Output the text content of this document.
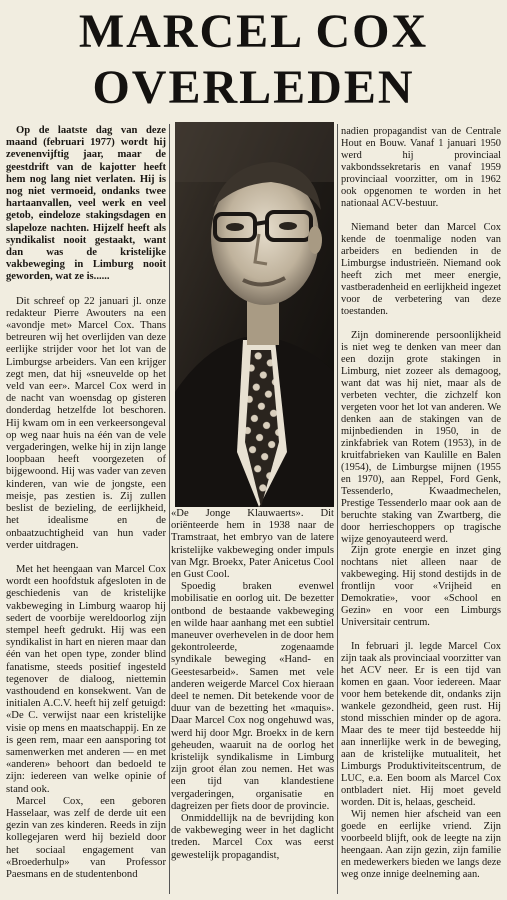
MARCEL COX
OVERLEDEN

Op de laatste dag van deze maand (februari 1977) wordt hij zevenenvijftig jaar, maar de geestdrift van de kajotter heeft hem nog lang niet verlaten. Hij is nog niet vermoeid, ondanks twee hartaanvallen, veel werk en veel getob, eindeloze stakingsdagen en slapeloze nachten. Hijzelf heeft als syndikalist nooit gestaakt, want dan was de kristelijke vakbeweging in Limburg nooit geworden, wat ze is......

Dit schreef op 22 januari jl. onze redakteur Pierre Awouters na een «avondje met» Marcel Cox. Thans betreuren wij het overlijden van deze eerlijke strijder voor het lot van de Limburgse arbeiders. Van een krijger zegt men, dat hij «sneuvelde op het veld van eer». Marcel Cox werd in de nacht van woensdag op gisteren donderdag hetzelfde lot beschoren. Hij kwam om in een verkeersongeval op weg naar huis na één van de vele vergaderingen, welke hij in zijn lange loopbaan heeft voorgezeten of bijgewoond. Hij was vader van zeven kinderen, van wie de jongste, een meisje, pas zestien is. Zij zullen beslist de bezieling, de eerlijkheid, het idealisme en de onbaatzuchtigheid van hun vader verder uitdragen.

Met het heengaan van Marcel Cox wordt een hoofdstuk afgesloten in de geschiedenis van de kristelijke vakbeweging in Limburg waarop hij sedert de voorbije wereldoorlog zijn stempel heeft gedrukt. Hij was een syndikalist in hart en nieren maar dan één van het open type, zonder blind fanatisme, steeds positief ingesteld tegenover de dialoog, niettemin vasthoudend en konsekwent. Van de initialen A.C.V. heeft hij zelf getuigd: «De C. verwijst naar een kristelijke visie op mens en maatschappij. En ze is geen rem, maar een aansporing tot samenwerken met anderen — en met «anderen» behoort dan bedoeld te zijn: iedereen van welke opinie of stand ook.

Marcel Cox, een geboren Hasselaar, was zelf de derde uit een gezin van zes kinderen. Reeds in zijn kollegejaren werd hij bezield door het sociaal engagement van «Broederhulp» van Professor Paesmans en de studentenbond

«De Jonge Klauwaerts». Dit oriënteerde hem in 1938 naar de Tramstraat, het embryo van de latere kristelijke vakbeweging onder impuls van Mgr. Broekx, Pater Anicetus Cool en Gust Cool.

Spoedig braken evenwel mobilisatie en oorlog uit. De bezetter ontbond de bestaande vakbeweging en wilde haar aanhang met een subtiel maneuver overhevelen in de door hem gekontroleerde, zogenaamde syndikale beweging «Hand- en Geestesarbeid». Samen met vele anderen weigerde Marcel Cox hieraan deel te nemen. Dit betekende voor de duur van de bezetting het «maquis». Daar Marcel Cox nog ongehuwd was, werd hij door Mgr. Broekx in de kern geheuden, waaruit na de oorlog het kristelijk syndikalisme in Limburg zijn groot élan zou nemen. Het was een tijd van klandestiene vergaderingen, organisatie en dagreizen per fiets door de provincie.

Onmiddellijk na de bevrijding kon de vakbeweging weer in het daglicht treden. Marcel Cox was eerst gewestelijk propagandist,

nadien propagandist van de Centrale Hout en Bouw. Vanaf 1 januari 1950 werd hij provinciaal vakbondssekretaris en vanaf 1959 provinciaal voorzitter, om in 1962 ook opgenomen te worden in het nationaal ACV-bestuur.

Niemand beter dan Marcel Cox kende de toenmalige noden van arbeiders en bedienden in de Limburgse industrieën. Niemand ook heeft zich met meer energie, vastberadenheid en eerlijkheid ingezet voor de verbetering van deze toestanden.

Zijn dominerende persoonlijkheid is niet weg te denken van meer dan een dozijn grote stakingen in Limburg, niet zozeer als demagoog, want dat was hij niet, maar als de verbeten vechter, die zichzelf kon vergeten voor het lot van anderen. We denken aan de stakingen van de mijnbedienden in 1950, in de zinkfabriek van Rotem (1953), in de kruitfabrieken van Kaulille en Balen (1954), de Limburgse mijnen (1955 en 1970), aan Reppel, Ford Genk, Tessenderlo, Kwaadmechelen, Prestige Tessenderlo maar ook aan de beruchte staking van Zwartberg, die door herrieschoppers op tragische wijze genoyauteerd werd.

Zijn grote energie en inzet ging nochtans niet alleen naar de vakbeweging. Hij stond destijds in de frontlijn voor «Vrijheid en Demokratie», voor «School en Gezin» en voor een Limburgs Universitair centrum.

In februari jl. legde Marcel Cox zijn taak als provinciaal voorzitter van het ACV neer. Er is een tijd van komen en gaan. Voor iedereen. Maar voor hem betekende dit, ondanks zijn wankele gezondheid, geen rust. Hij stond misschien minder op de agora. Maar des te meer tijd besteedde hij aan innerlijke werk in de beweging, aan de kristelijke mutualiteit, het Limburgs Produktiviteitscentrum, de LUC, e.a. Een boom als Marcel Cox ontbladert niet. Hij moet geveld worden. Dit is, helaas, gescheid.

Wij nemen hier afscheid van een goede en eerlijke vriend. Zijn voorbeeld blijft, ook de leegte na zijn heengaan. Aan zijn gezin, zijn familie en medewerkers bieden we langs deze weg onze innige deelneming aan.
